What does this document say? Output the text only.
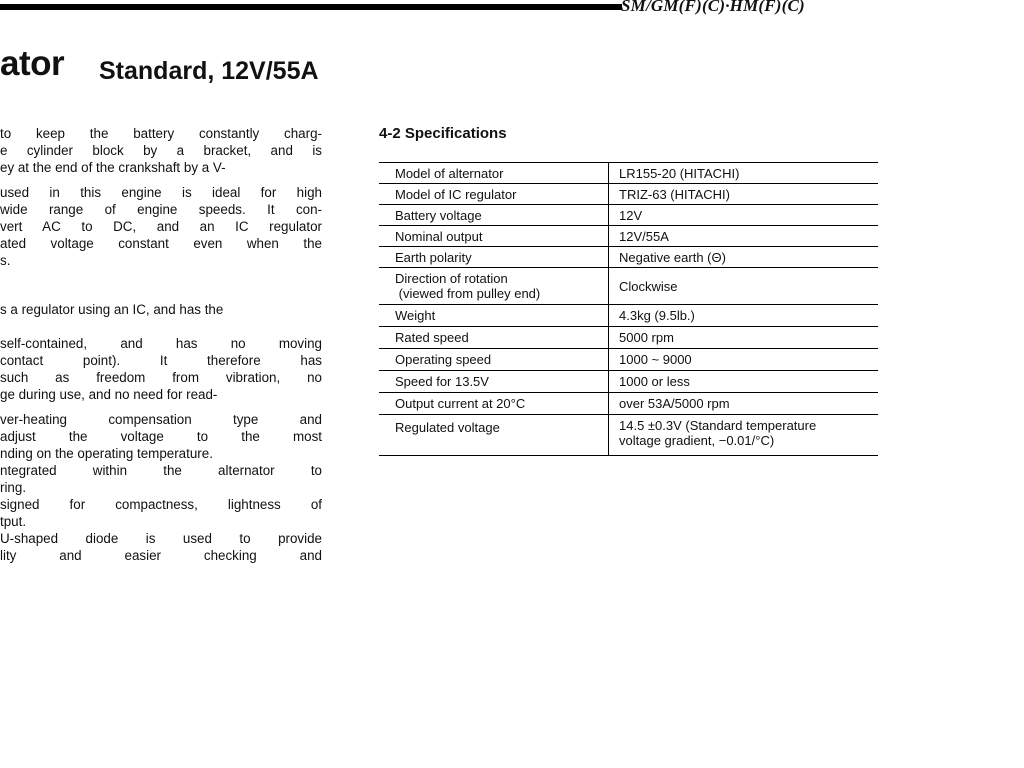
SM/GM(F)(C)·HM(F)(C)
ator Standard, 12V/55A
to keep the battery constantly charg-
e cylinder block by a bracket, and is
ey at the end of the crankshaft by a V-
used in this engine is ideal for high
wide range of engine speeds. It con-
vert AC to DC, and an IC regulator
ated voltage constant even when the
s.
s a regulator using an IC, and has the
self-contained, and has no moving
contact point). It therefore has
such as freedom from vibration, no
ge during use, and no need for read-
ver-heating compensation type and
adjust the voltage to the most
nding on the operating temperature.
ntegrated within the alternator to
ring.
signed for compactness, lightness of
tput.
U-shaped diode is used to provide
lity and easier checking and
4-2 Specifications
Model of alternator	LR155-20 (HITACHI)
Model of IC regulator	TRIZ-63 (HITACHI)
Battery voltage	12V
Nominal output	12V/55A
Earth polarity	Negative earth (Θ)

Direction of rotation
(viewed from pulley end)	Clockwise
Weight	4.3kg (9.5lb.)
Rated speed	5000 rpm
Operating speed	1000 ~ 9000
Speed for 13.5V	1000 or less
Output current at 20°C	over 53A/5000 rpm
Regulated voltage	14.5 ±0.3V (Standard temperature
voltage gradient, −0.01/°C)
